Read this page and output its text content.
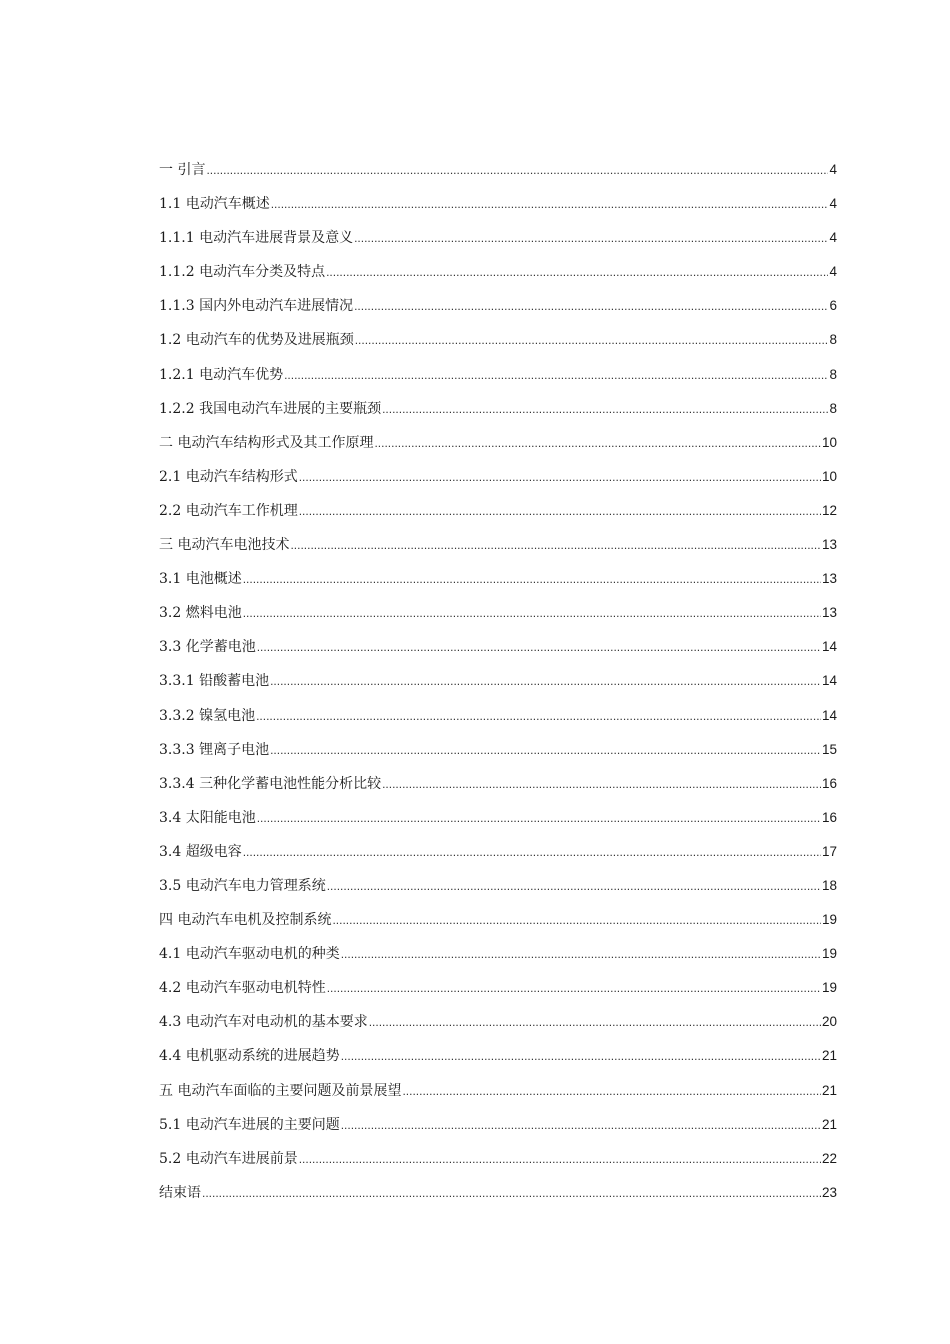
一 引言 .....	4
1.1 电动汽车概述 .....	4
1.1.1 电动汽车进展背景及意义 .....	4
1.1.2 电动汽车分类及特点 .....	4
1.1.3 国内外电动汽车进展情况 .....	6
1.2 电动汽车的优势及进展瓶颈 .....	8
1.2.1 电动汽车优势 .....	8
1.2.2 我国电动汽车进展的主要瓶颈 .....	8
二 电动汽车结构形式及其工作原理 .....	10
2.1 电动汽车结构形式 .....	10
2.2 电动汽车工作机理 .....	12
三 电动汽车电池技术 .....	13
3.1 电池概述 .....	13
3.2 燃料电池 .....	13
3.3 化学蓄电池 .....	14
3.3.1 铅酸蓄电池 .....	14
3.3.2 镍氢电池 .....	14
3.3.3 锂离子电池 .....	15
3.3.4 三种化学蓄电池性能分析比较 .....	16
3.4 太阳能电池 .....	16
3.4 超级电容 .....	17
3.5 电动汽车电力管理系统 .....	18
四 电动汽车电机及控制系统 .....	19
4.1 电动汽车驱动电机的种类 .....	19
4.2 电动汽车驱动电机特性 .....	19
4.3 电动汽车对电动机的基本要求 .....	20
4.4 电机驱动系统的进展趋势 .....	21
五 电动汽车面临的主要问题及前景展望 .....	21
5.1 电动汽车进展的主要问题 .....	21
5.2 电动汽车进展前景 .....	22
结束语 .....	23
